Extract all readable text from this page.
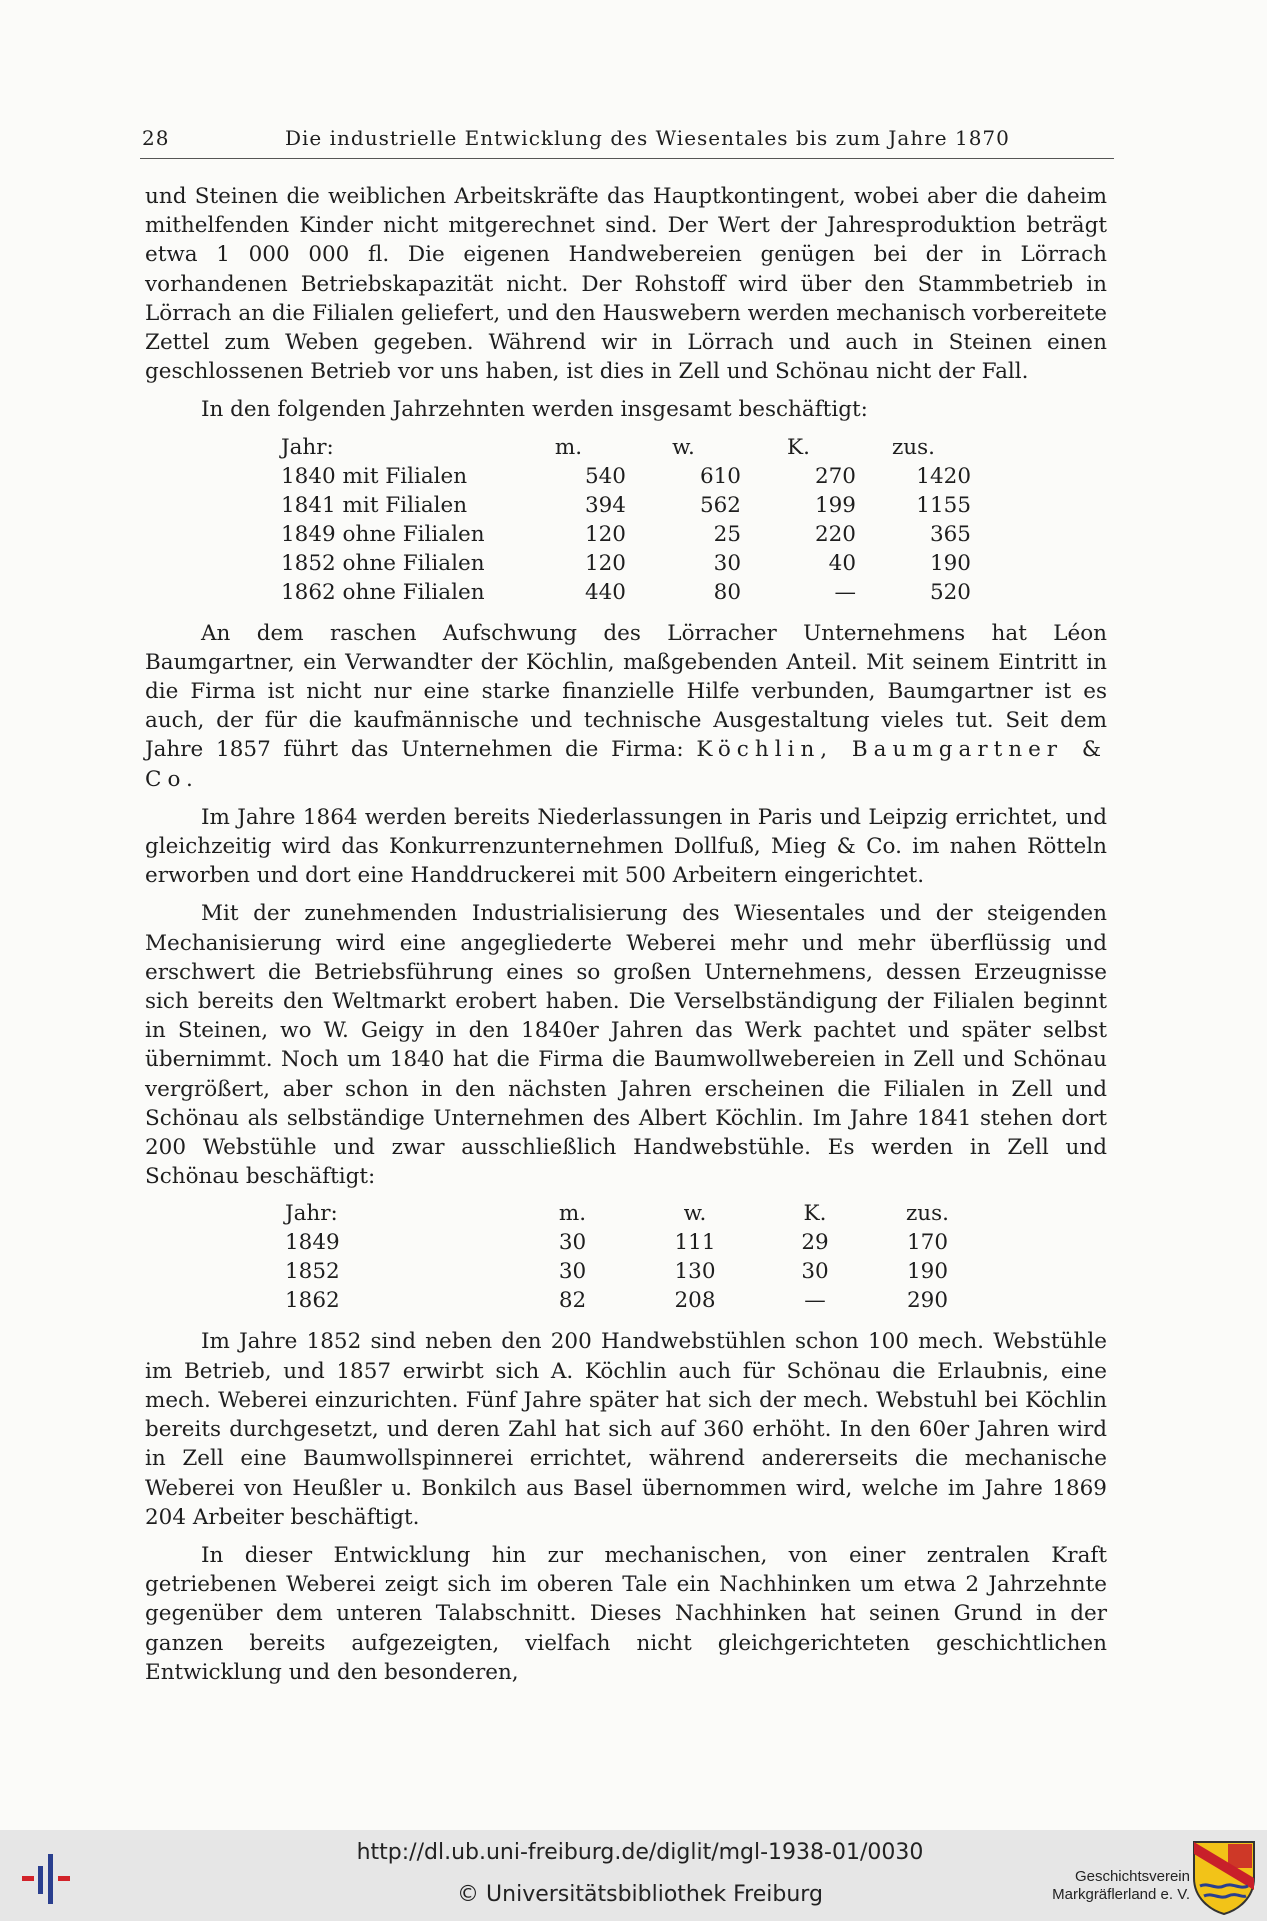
28	Die industrielle Entwicklung des Wiesentales bis zum Jahre 1870

und Steinen die weiblichen Arbeitskräfte das Hauptkontingent, wobei aber die daheim mithelfenden Kinder nicht mitgerechnet sind. Der Wert der Jahresproduktion beträgt etwa 1 000 000 fl. Die eigenen Handwebereien genügen bei der in Lörrach vorhandenen Betriebskapazität nicht. Der Rohstoff wird über den Stammbetrieb in Lörrach an die Filialen geliefert, und den Hauswebern werden mechanisch vorbereitete Zettel zum Weben gegeben. Während wir in Lörrach und auch in Steinen einen geschlossenen Betrieb vor uns haben, ist dies in Zell und Schönau nicht der Fall.

In den folgenden Jahrzehnten werden insgesamt beschäftigt:

Jahr:	m.	w.	K.	zus.
1840 mit Filialen	540	610	270	1420
1841 mit Filialen	394	562	199	1155
1849 ohne Filialen	120	25	220	365
1852 ohne Filialen	120	30	40	190
1862 ohne Filialen	440	80	—	520

An dem raschen Aufschwung des Lörracher Unternehmens hat Léon Baumgartner, ein Verwandter der Köchlin, maßgebenden Anteil. Mit seinem Eintritt in die Firma ist nicht nur eine starke finanzielle Hilfe verbunden, Baumgartner ist es auch, der für die kaufmännische und technische Ausgestaltung vieles tut. Seit dem Jahre 1857 führt das Unternehmen die Firma: Köchlin, Baumgartner & Co.

Im Jahre 1864 werden bereits Niederlassungen in Paris und Leipzig errichtet, und gleichzeitig wird das Konkurrenzunternehmen Dollfuß, Mieg & Co. im nahen Rötteln erworben und dort eine Handdruckerei mit 500 Arbeitern eingerichtet.

Mit der zunehmenden Industrialisierung des Wiesentales und der steigenden Mechanisierung wird eine angegliederte Weberei mehr und mehr überflüssig und erschwert die Betriebsführung eines so großen Unternehmens, dessen Erzeugnisse sich bereits den Weltmarkt erobert haben. Die Verselbständigung der Filialen beginnt in Steinen, wo W. Geigy in den 1840er Jahren das Werk pachtet und später selbst übernimmt. Noch um 1840 hat die Firma die Baumwollwebereien in Zell und Schönau vergrößert, aber schon in den nächsten Jahren erscheinen die Filialen in Zell und Schönau als selbständige Unternehmen des Albert Köchlin. Im Jahre 1841 stehen dort 200 Webstühle und zwar ausschließlich Handwebstühle. Es werden in Zell und Schönau beschäftigt:

Jahr:	m.	w.	K.	zus.
1849	30	111	29	170
1852	30	130	30	190
1862	82	208	—	290

Im Jahre 1852 sind neben den 200 Handwebstühlen schon 100 mech. Webstühle im Betrieb, und 1857 erwirbt sich A. Köchlin auch für Schönau die Erlaubnis, eine mech. Weberei einzurichten. Fünf Jahre später hat sich der mech. Webstuhl bei Köchlin bereits durchgesetzt, und deren Zahl hat sich auf 360 erhöht. In den 60er Jahren wird in Zell eine Baumwollspinnerei errichtet, während andererseits die mechanische Weberei von Heußler u. Bonkilch aus Basel übernommen wird, welche im Jahre 1869 204 Arbeiter beschäftigt.

In dieser Entwicklung hin zur mechanischen, von einer zentralen Kraft getriebenen Weberei zeigt sich im oberen Tale ein Nachhinken um etwa 2 Jahrzehnte gegenüber dem unteren Talabschnitt. Dieses Nachhinken hat seinen Grund in der ganzen bereits aufgezeigten, vielfach nicht gleichgerichteten geschichtlichen Entwicklung und den besonderen,

http://dl.ub.uni-freiburg.de/diglit/mgl-1938-01/0030
© Universitätsbibliothek Freiburg
Geschichtsverein
Markgräflerland e. V.
